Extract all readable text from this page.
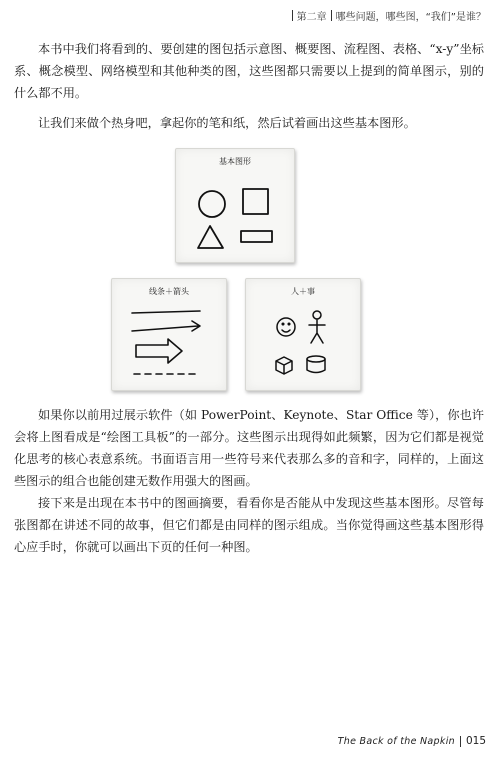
第二章 哪些问题，哪些图，“我们”是谁？

本书中我们将看到的、要创建的图包括示意图、概要图、流程图、表格、“x-y”坐标系、概念模型、网络模型和其他种类的图，这些图都只需要以上提到的简单图示，别的什么都不用。

让我们来做个热身吧，拿起你的笔和纸，然后试着画出这些基本图形。

基本图形
线条＋箭头	人＋事

如果你以前用过展示软件（如 PowerPoint、Keynote、Star Office 等），你也许会将上图看成是“绘图工具板”的一部分。这些图示出现得如此频繁，因为它们都是视觉化思考的核心表意系统。书面语言用一些符号来代表那么多的音和字，同样的，上面这些图示的组合也能创建无数作用强大的图画。

接下来是出现在本书中的图画摘要，看看你是否能从中发现这些基本图形。尽管每张图都在讲述不同的故事，但它们都是由同样的图示组成。当你觉得画这些基本图形得心应手时，你就可以画出下页的任何一种图。

The Back of the Napkin 015
